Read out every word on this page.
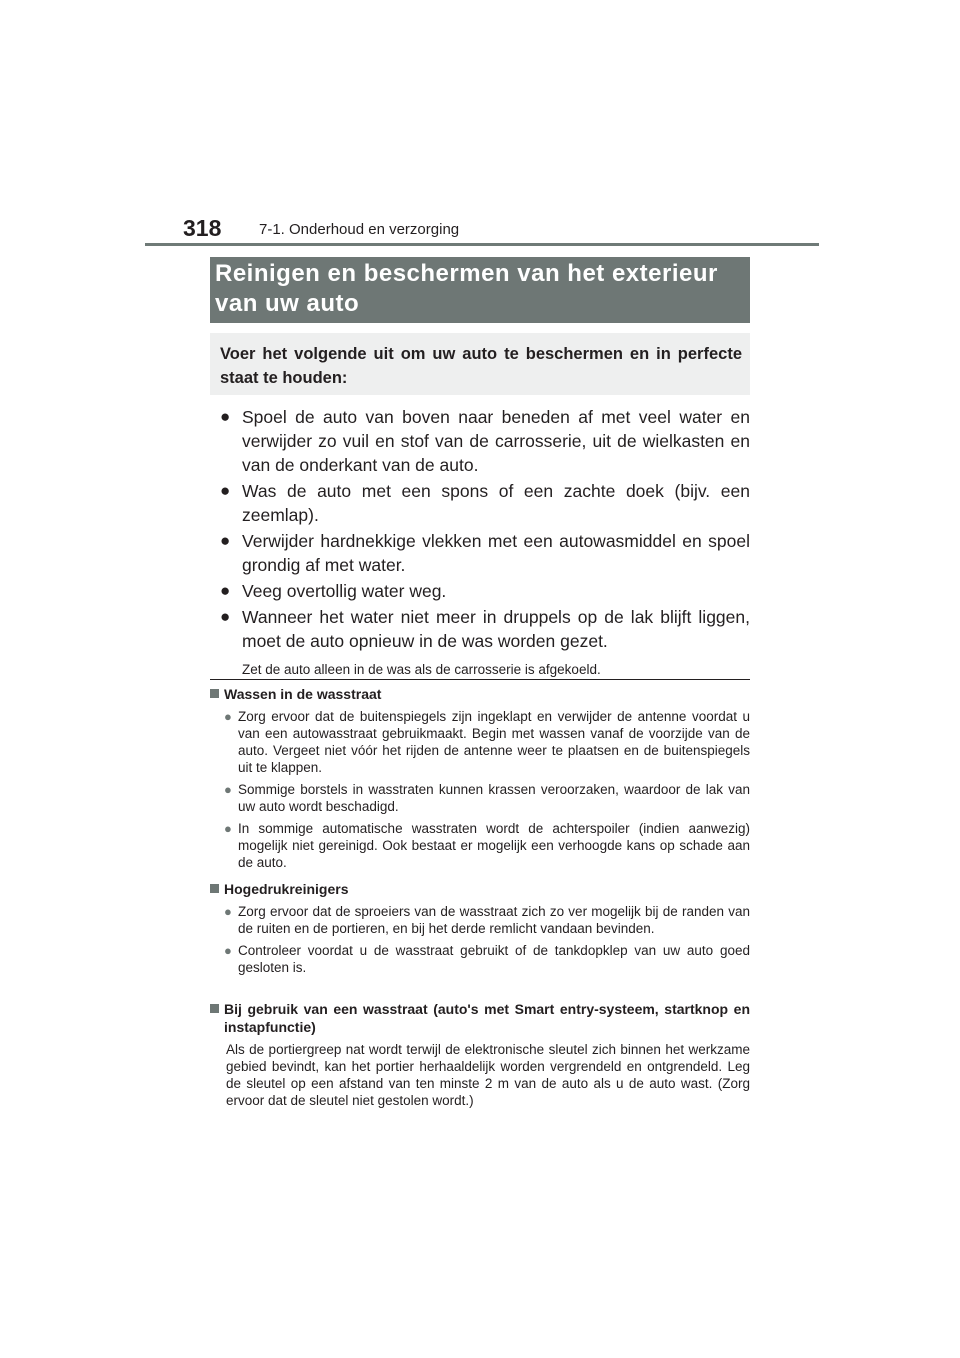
318	7-1. Onderhoud en verzorging
Reinigen en beschermen van het exterieur van uw auto
Voer het volgende uit om uw auto te beschermen en in perfecte staat te houden:
● Spoel de auto van boven naar beneden af met veel water en verwijder zo vuil en stof van de carrosserie, uit de wielkasten en van de onderkant van de auto.
● Was de auto met een spons of een zachte doek (bijv. een zeemlap).
● Verwijder hardnekkige vlekken met een autowasmiddel en spoel grondig af met water.
● Veeg overtollig water weg.
● Wanneer het water niet meer in druppels op de lak blijft liggen, moet de auto opnieuw in de was worden gezet.
Zet de auto alleen in de was als de carrosserie is afgekoeld.
Wassen in de wasstraat
● Zorg ervoor dat de buitenspiegels zijn ingeklapt en verwijder de antenne voordat u van een autowasstraat gebruikmaakt. Begin met wassen vanaf de voorzijde van de auto. Vergeet niet vóór het rijden de antenne weer te plaatsen en de buitenspiegels uit te klappen.
● Sommige borstels in wasstraten kunnen krassen veroorzaken, waardoor de lak van uw auto wordt beschadigd.
● In sommige automatische wasstraten wordt de achterspoiler (indien aanwezig) mogelijk niet gereinigd. Ook bestaat er mogelijk een verhoogde kans op schade aan de auto.
Hogedrukreinigers
● Zorg ervoor dat de sproeiers van de wasstraat zich zo ver mogelijk bij de randen van de ruiten en de portieren, en bij het derde remlicht vandaan bevinden.
● Controleer voordat u de wasstraat gebruikt of de tankdopklep van uw auto goed gesloten is.
Bij gebruik van een wasstraat (auto's met Smart entry-systeem, startknop en instapfunctie)
Als de portiergreep nat wordt terwijl de elektronische sleutel zich binnen het werkzame gebied bevindt, kan het portier herhaaldelijk worden vergrendeld en ontgrendeld. Leg de sleutel op een afstand van ten minste 2 m van de auto als u de auto wast. (Zorg ervoor dat de sleutel niet gestolen wordt.)
